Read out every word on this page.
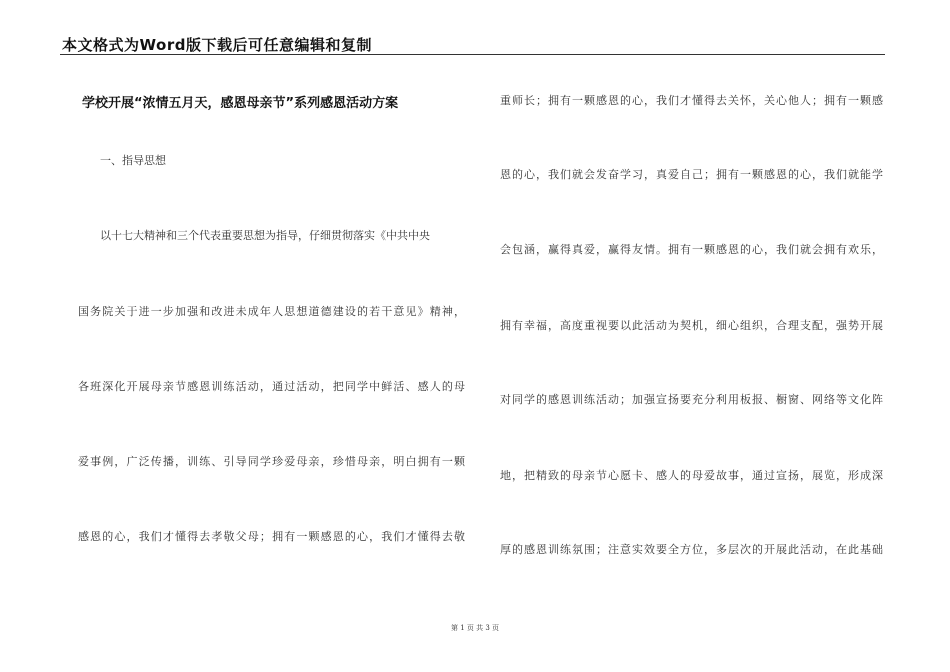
本文格式为Word版下载后可任意编辑和复制
学校开展“浓情五月天，感恩母亲节”系列感恩活动方案
一、指导思想
以十七大精神和三个代表重要思想为指导，仔细贯彻落实《中共中央
国务院关于进一步加强和改进未成年人思想道德建设的若干意见》精神，
各班深化开展母亲节感恩训练活动，通过活动，把同学中鲜活、感人的母
爱事例，广泛传播，训练、引导同学珍爱母亲，珍惜母亲，明白拥有一颗
感恩的心，我们才懂得去孝敬父母；拥有一颗感恩的心，我们才懂得去敬
重师长；拥有一颗感恩的心，我们才懂得去关怀，关心他人；拥有一颗感
恩的心，我们就会发奋学习，真爱自己；拥有一颗感恩的心，我们就能学
会包涵，赢得真爱，赢得友情。拥有一颗感恩的心，我们就会拥有欢乐，
拥有幸福，高度重视要以此活动为契机，细心组织，合理支配，强势开展
对同学的感恩训练活动；加强宣扬要充分利用板报、橱窗、网络等文化阵
地，把精致的母亲节心愿卡、感人的母爱故事，通过宣扬，展览，形成深
厚的感恩训练氛围；注意实效要全方位，多层次的开展此活动，在此基础
第 1 页 共 3 页
